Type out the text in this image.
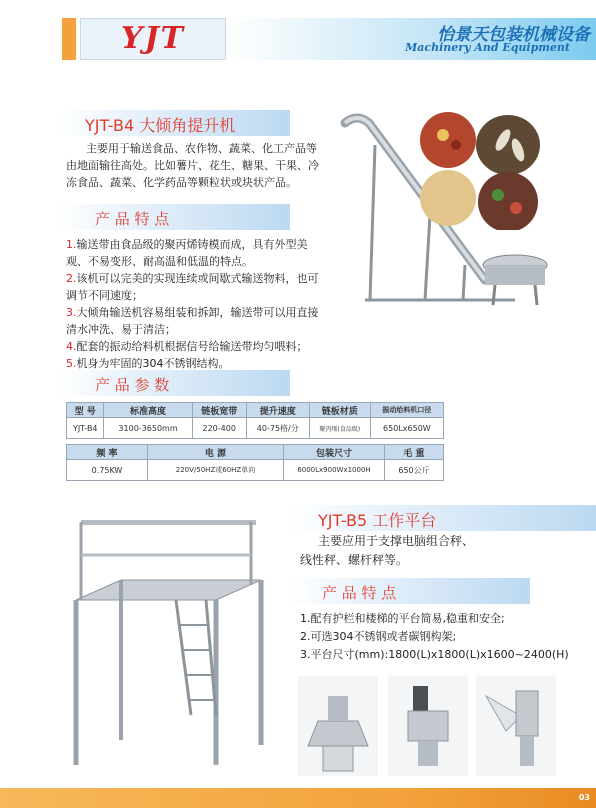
YJT	怡景天包装机械设备
Machinery And Equipment
YJT-B4 大倾角提升机
主要用于输送食品、农作物、蔬菜、化工产品等
由地面输往高处。比如薯片、花生、糖果、干果、冷
冻食品、蔬菜、化学药品等颗粒状或块状产品。
产 品 特 点
1.输送带由食品级的聚丙烯铸模而成，具有外型美
观、不易变形、耐高温和低温的特点。
2.该机可以完美的实现连续或间歇式输送物料，也可
调节不同速度；
3.大倾角输送机容易组装和拆卸，输送带可以用直接
清水冲洗、易于清洁；
4.配套的振动给料机根据信号给输送带均匀喂料；
5.机身为牢固的304不锈钢结构。
产 品 参 数
型 号	标准高度	链板宽带	提升速度	链板材质	振动给料机口径
YJT-B4	3100-3650mm	220-400	40-75格/分	聚丙烯(食品级)	650Lx650W
频 率	电 源	包装尺寸	毛 重
0.75KW	220V/50HZ或60HZ单向	6000Lx900Wx1000H	650公斤
YJT-B5 工作平台
主要应用于支撑电脑组合秤、
线性秤、螺杆秤等。
产 品 特 点
1.配有护栏和楼梯的平台简易,稳重和安全;
2.可选304不锈钢或者碳钢构架;
3.平台尺寸(mm):1800(L)x1800(L)x1600~2400(H)
03
